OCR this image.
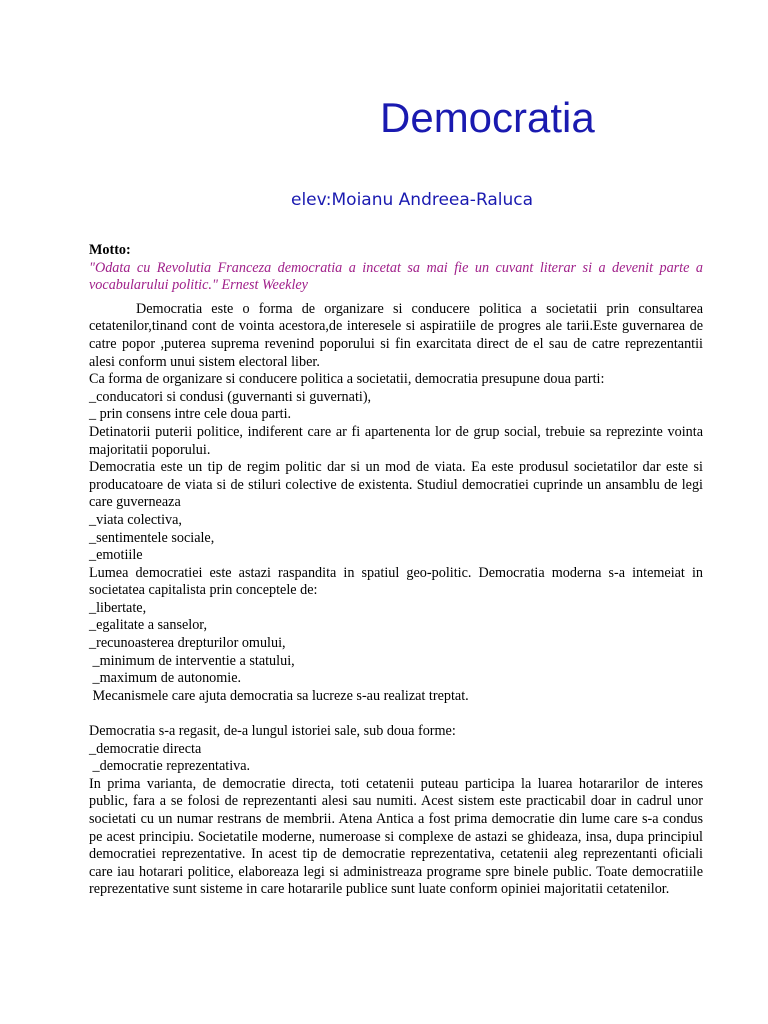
Democratia
elev:Moianu Andreea-Raluca
Motto:
"Odata cu Revolutia Franceza democratia a incetat sa mai fie un cuvant literar si a devenit parte a vocabularului politic." Ernest Weekley

Democratia este o forma de organizare si conducere politica a societatii prin consultarea cetatenilor,tinand cont de vointa acestora,de interesele si aspiratiile de progres ale tarii.Este guvernarea de catre popor ,puterea suprema revenind poporului si fin exarcitata direct de el sau de catre reprezentantii alesi conform unui sistem electoral liber.

Ca forma de organizare si conducere politica a societatii, democratia presupune doua parti:

_conducatori si condusi (guvernanti si guvernati),
_ prin consens intre cele doua parti.

Detinatorii puterii politice, indiferent care ar fi apartenenta lor de grup social, trebuie sa reprezinte vointa majoritatii poporului.

Democratia este un tip de regim politic dar si un mod de viata. Ea este produsul societatilor dar este si producatoare de viata si de stiluri colective de existenta. Studiul democratiei cuprinde un ansamblu de legi care guverneaza

_viata colectiva,
_sentimentele sociale,
_emotiile

Lumea democratiei este astazi raspandita in spatiul geo-politic. Democratia moderna s-a intemeiat in societatea capitalista prin conceptele de:

_libertate,
_egalitate a sanselor,
_recunoasterea drepturilor omului,
_minimum de interventie a statului,
_maximum de autonomie.
Mecanismele care ajuta democratia sa lucreze s-au realizat treptat.

Democratia s-a regasit, de-a lungul istoriei sale, sub doua forme:

_democratie directa
_democratie reprezentativa.

In prima varianta, de democratie directa, toti cetatenii puteau participa la luarea hotararilor de interes public, fara a se folosi de reprezentanti alesi sau numiti. Acest sistem este practicabil doar in cadrul unor societati cu un numar restrans de membrii. Atena Antica a fost prima democratie din lume care s-a condus pe acest principiu. Societatile moderne, numeroase si complexe de astazi se ghideaza, insa, dupa principiul democratiei reprezentative. In acest tip de democratie reprezentativa, cetatenii aleg reprezentanti oficiali care iau hotarari politice, elaboreaza legi si administreaza programe spre binele public. Toate democratiile reprezentative sunt sisteme in care hotararile publice sunt luate conform opiniei majoritatii cetatenilor.
